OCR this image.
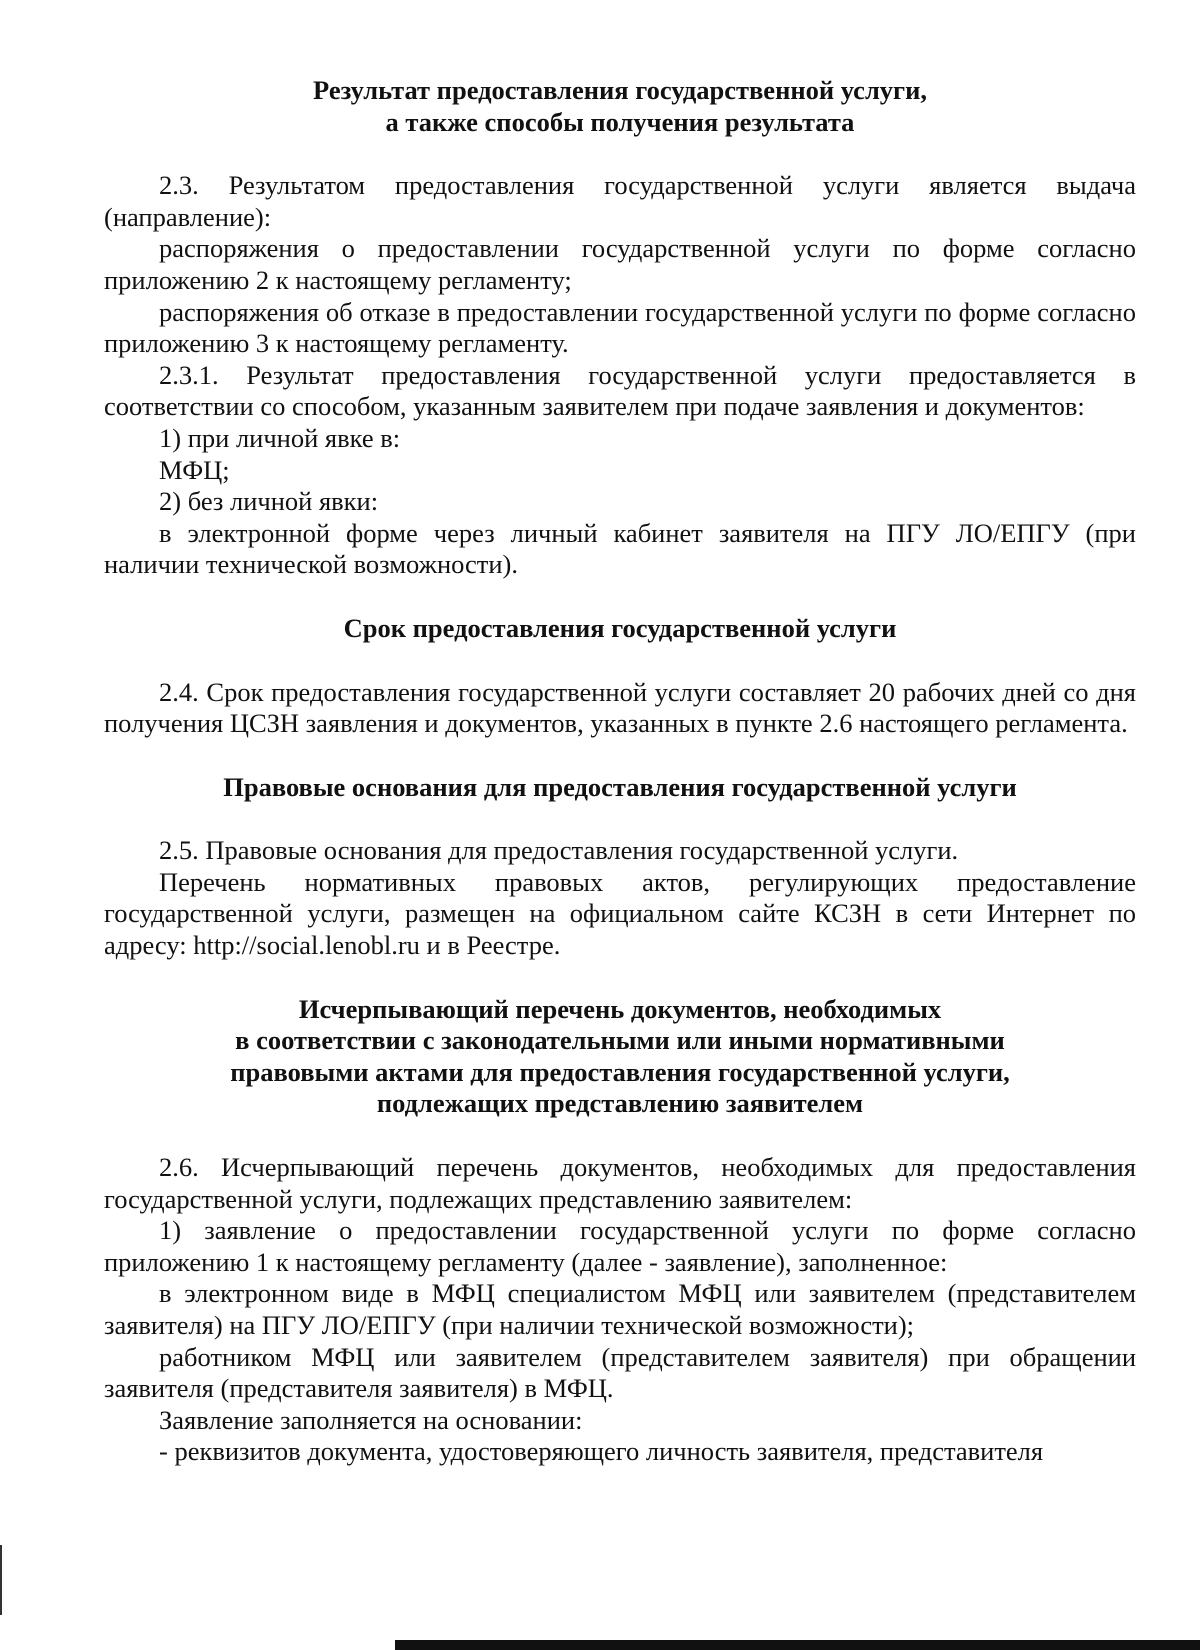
Результат предоставления государственной услуги,
а также способы получения результата

2.3. Результатом предоставления государственной услуги является выдача (направление):

распоряжения о предоставлении государственной услуги по форме согласно приложению 2 к настоящему регламенту;

распоряжения об отказе в предоставлении государственной услуги по форме согласно приложению 3 к настоящему регламенту.

2.3.1. Результат предоставления государственной услуги предоставляется в соответствии со способом, указанным заявителем при подаче заявления и документов:

1) при личной явке в:

МФЦ;

2) без личной явки:

в электронной форме через личный кабинет заявителя на ПГУ ЛО/ЕПГУ (при наличии технической возможности).

Срок предоставления государственной услуги

2.4. Срок предоставления государственной услуги составляет 20 рабочих дней со дня получения ЦСЗН заявления и документов, указанных в пункте 2.6 настоящего регламента.

Правовые основания для предоставления государственной услуги

2.5. Правовые основания для предоставления государственной услуги.

Перечень нормативных правовых актов, регулирующих предоставление государственной услуги, размещен на официальном сайте КСЗН в сети Интернет по адресу: http://social.lenobl.ru и в Реестре.

Исчерпывающий перечень документов, необходимых
в соответствии с законодательными или иными нормативными
правовыми актами для предоставления государственной услуги,
подлежащих представлению заявителем

2.6. Исчерпывающий перечень документов, необходимых для предоставления государственной услуги, подлежащих представлению заявителем:

1) заявление о предоставлении государственной услуги по форме согласно приложению 1 к настоящему регламенту (далее - заявление), заполненное:

в электронном виде в МФЦ специалистом МФЦ или заявителем (представителем заявителя) на ПГУ ЛО/ЕПГУ (при наличии технической возможности);

работником МФЦ или заявителем (представителем заявителя) при обращении заявителя (представителя заявителя) в МФЦ.

Заявление заполняется на основании:

- реквизитов документа, удостоверяющего личность заявителя, представителя
